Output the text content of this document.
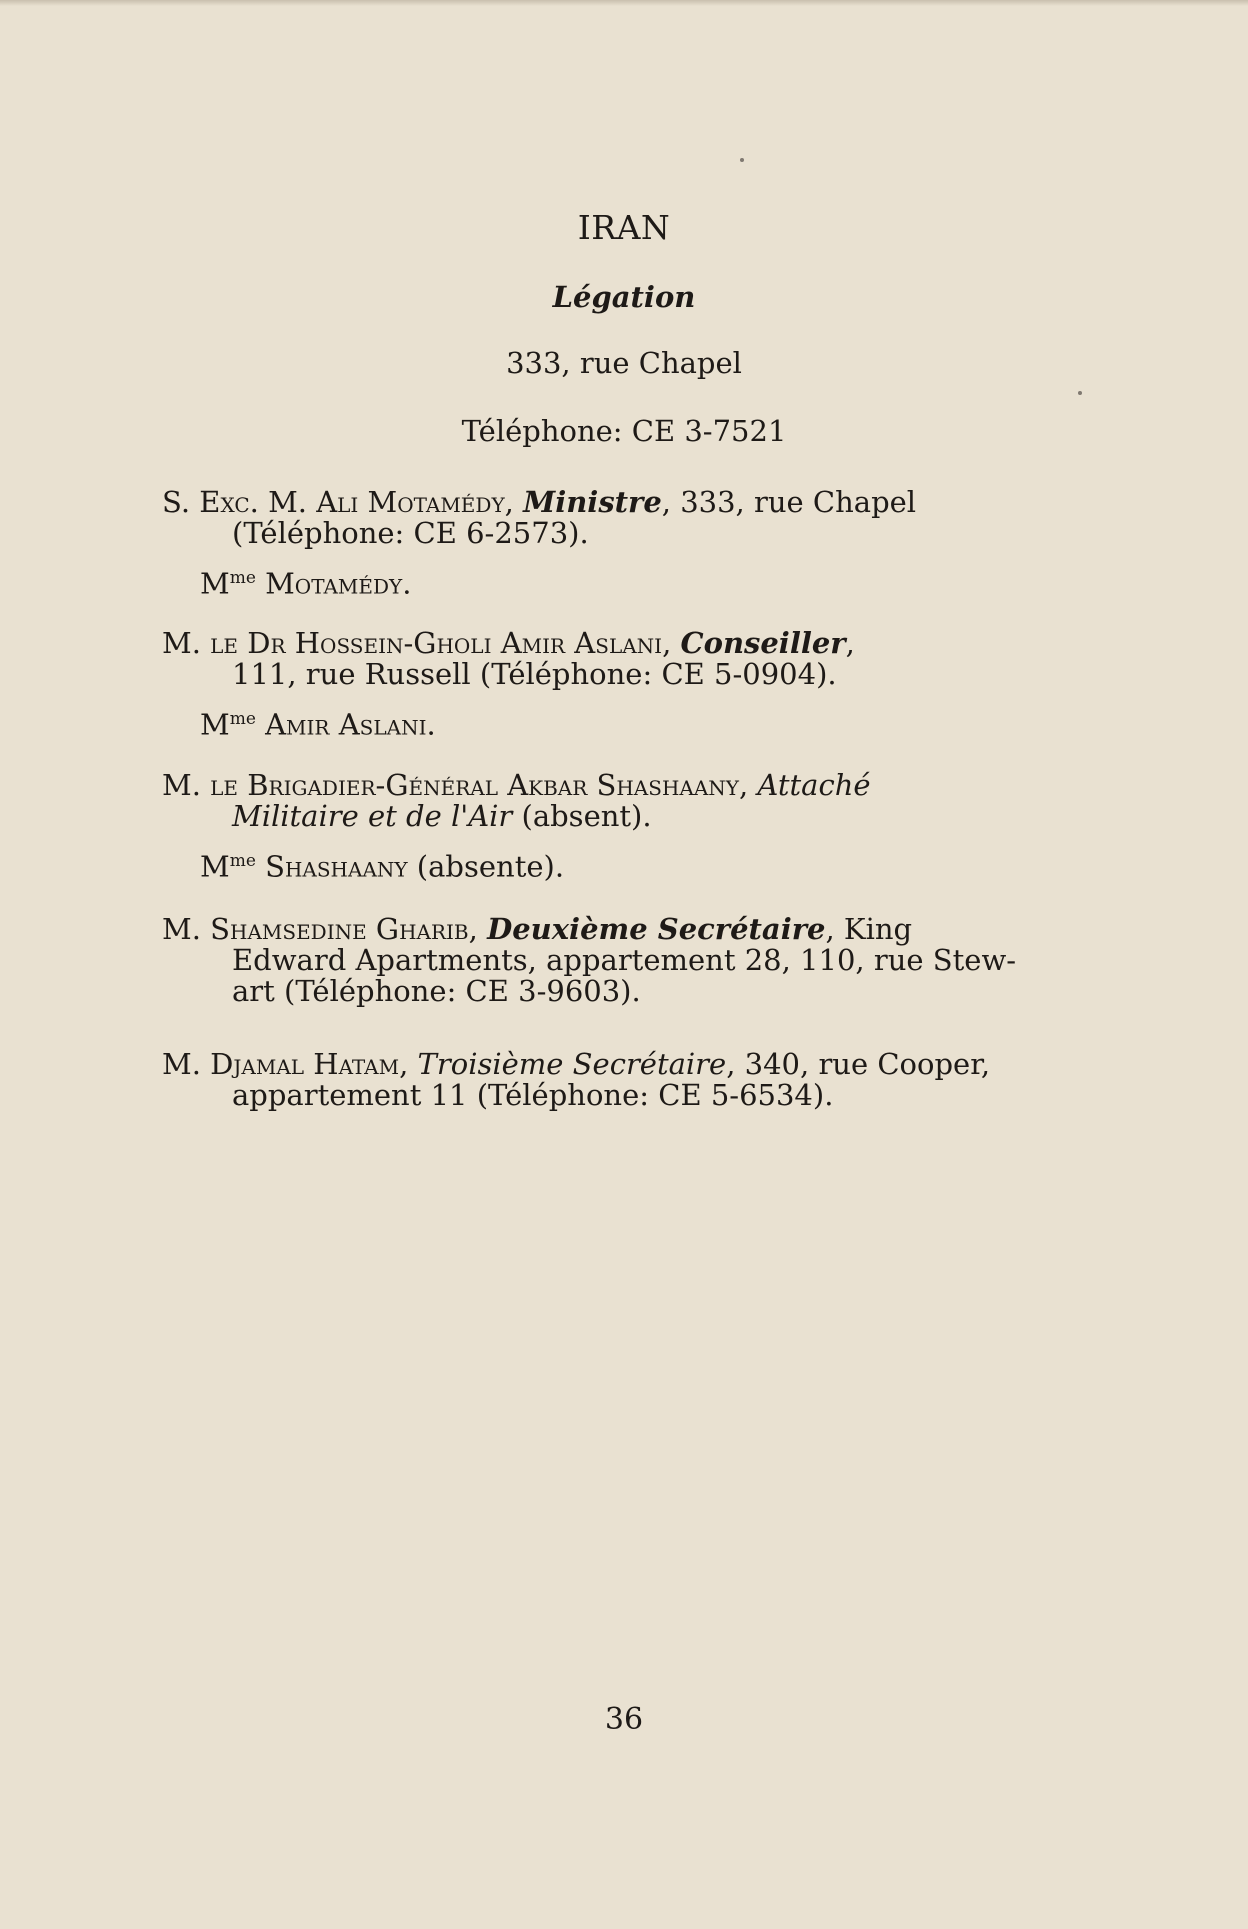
IRAN
Légation
333, rue Chapel
Téléphone: CE 3-7521
S. Exc. M. Ali Motamédy, Ministre, 333, rue Chapel
(Téléphone: CE 6-2573).
$M^{me}$ Motamédy.
M. le Dr Hossein-Gholi Amir Aslani, Conseiller,
111, rue Russell (Téléphone: CE 5-0904).
$M^{me}$ Amir Aslani.
M. le Brigadier-Général Akbar Shashaany, Attaché
Militaire et de l'Air (absent).
$M^{me}$ Shashaany (absente).
M. Shamsedine Gharib, Deuxième Secrétaire, King
Edward Apartments, appartement 28, 110, rue Stew-
art (Téléphone: CE 3-9603).
M. Djamal Hatam, Troisième Secrétaire, 340, rue Cooper,
appartement 11 (Téléphone: CE 5-6534).
36
